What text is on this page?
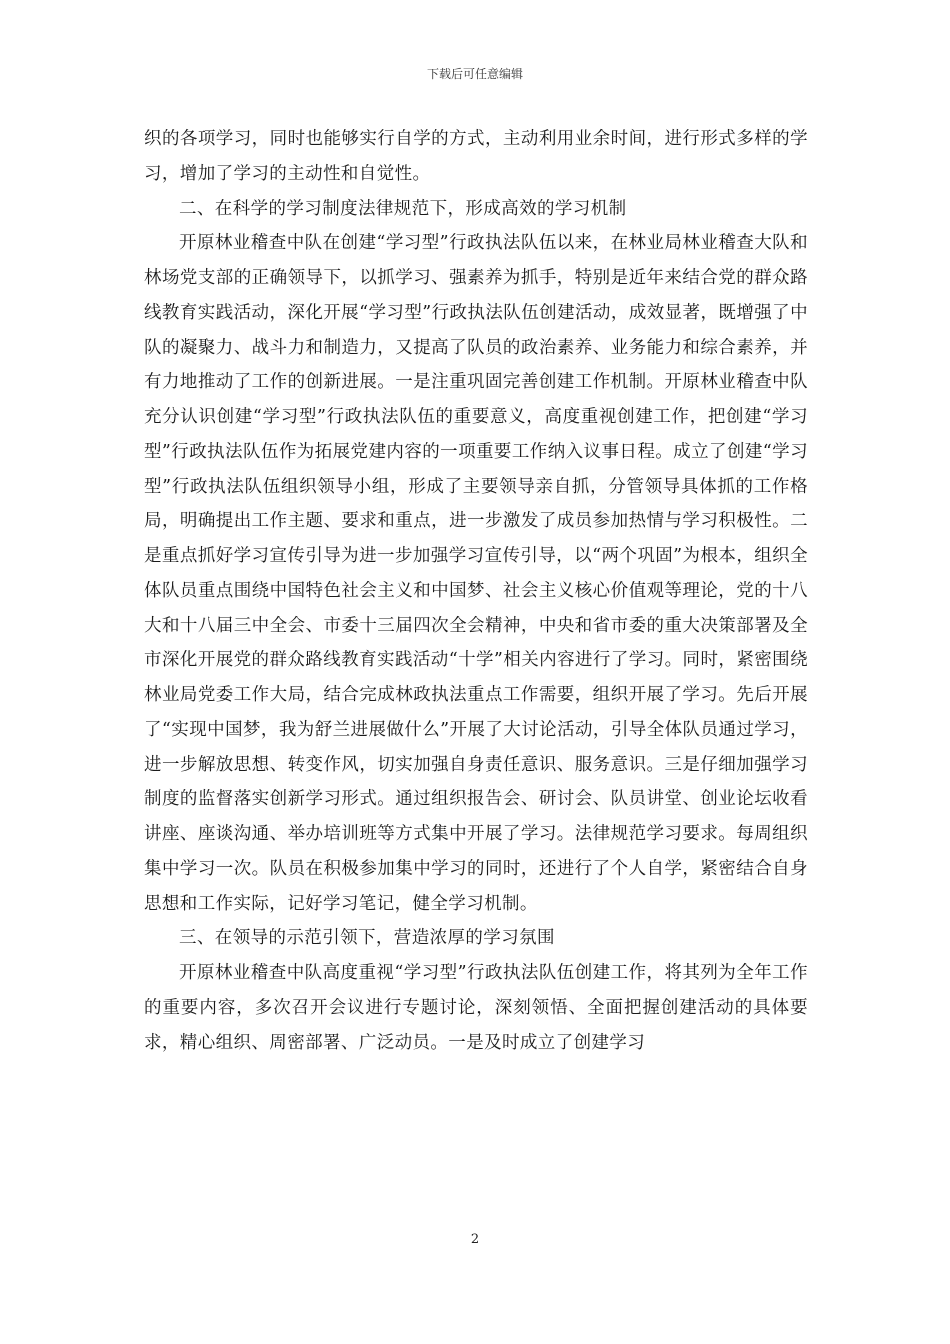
下载后可任意编辑

织的各项学习，同时也能够实行自学的方式，主动利用业余时间，进行形式多样的学习，增加了学习的主动性和自觉性。

二、在科学的学习制度法律规范下，形成高效的学习机制

开原林业稽查中队在创建“学习型”行政执法队伍以来，在林业局林业稽查大队和林场党支部的正确领导下，以抓学习、强素养为抓手，特别是近年来结合党的群众路线教育实践活动，深化开展“学习型”行政执法队伍创建活动，成效显著，既增强了中队的凝聚力、战斗力和制造力，又提高了队员的政治素养、业务能力和综合素养，并有力地推动了工作的创新进展。一是注重巩固完善创建工作机制。开原林业稽查中队充分认识创建“学习型”行政执法队伍的重要意义，高度重视创建工作，把创建“学习型”行政执法队伍作为拓展党建内容的一项重要工作纳入议事日程。成立了创建“学习型”行政执法队伍组织领导小组，形成了主要领导亲自抓，分管领导具体抓的工作格局，明确提出工作主题、要求和重点，进一步激发了成员参加热情与学习积极性。二是重点抓好学习宣传引导为进一步加强学习宣传引导，以“两个巩固”为根本，组织全体队员重点围绕中国特色社会主义和中国梦、社会主义核心价值观等理论，党的十八大和十八届三中全会、市委十三届四次全会精神，中央和省市委的重大决策部署及全市深化开展党的群众路线教育实践活动“十学”相关内容进行了学习。同时，紧密围绕林业局党委工作大局，结合完成林政执法重点工作需要，组织开展了学习。先后开展了“实现中国梦，我为舒兰进展做什么”开展了大讨论活动，引导全体队员通过学习，进一步解放思想、转变作风，切实加强自身责任意识、服务意识。三是仔细加强学习制度的监督落实创新学习形式。通过组织报告会、研讨会、队员讲堂、创业论坛收看讲座、座谈沟通、举办培训班等方式集中开展了学习。法律规范学习要求。每周组织集中学习一次。队员在积极参加集中学习的同时，还进行了个人自学，紧密结合自身思想和工作实际，记好学习笔记，健全学习机制。

三、在领导的示范引领下，营造浓厚的学习氛围

开原林业稽查中队高度重视“学习型”行政执法队伍创建工作，将其列为全年工作的重要内容，多次召开会议进行专题讨论，深刻领悟、全面把握创建活动的具体要求，精心组织、周密部署、广泛动员。一是及时成立了创建学习

2
